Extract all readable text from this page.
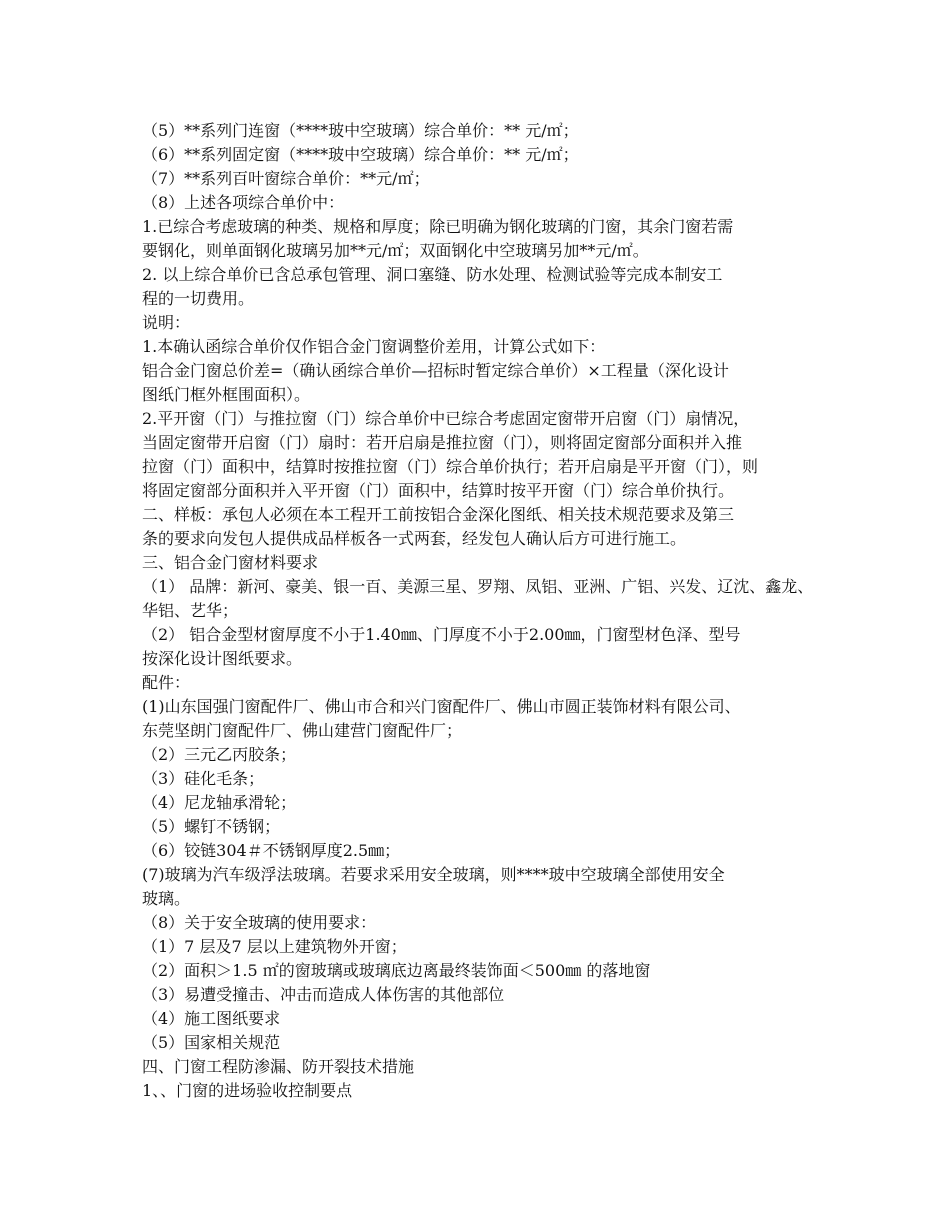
（5）**系列门连窗（****玻中空玻璃）综合单价：** 元/㎡；
（6）**系列固定窗（****玻中空玻璃）综合单价：** 元/㎡；
（7）**系列百叶窗综合单价：**元/㎡；
（8）上述各项综合单价中：
1.已综合考虑玻璃的种类、规格和厚度；除已明确为钢化玻璃的门窗，其余门窗若需
要钢化，则单面钢化玻璃另加**元/㎡；双面钢化中空玻璃另加**元/㎡。
2. 以上综合单价已含总承包管理、洞口塞缝、防水处理、检测试验等完成本制安工
程的一切费用。
说明：
1.本确认函综合单价仅作铝合金门窗调整价差用，计算公式如下：
铝合金门窗总价差=（确认函综合单价—招标时暂定综合单价）×工程量（深化设计
图纸门框外框围面积）。
2.平开窗（门）与推拉窗（门）综合单价中已综合考虑固定窗带开启窗（门）扇情况，
当固定窗带开启窗（门）扇时：若开启扇是推拉窗（门），则将固定窗部分面积并入推
拉窗（门）面积中，结算时按推拉窗（门）综合单价执行；若开启扇是平开窗（门），则
将固定窗部分面积并入平开窗（门）面积中，结算时按平开窗（门）综合单价执行。
二、样板：承包人必须在本工程开工前按铝合金深化图纸、相关技术规范要求及第三
条的要求向发包人提供成品样板各一式两套，经发包人确认后方可进行施工。
三、铝合金门窗材料要求
（1） 品牌：新河、豪美、银一百、美源三星、罗翔、凤铝、亚洲、广铝、兴发、辽沈、鑫龙、
华铝、艺华；
（2） 铝合金型材窗厚度不小于1.40㎜、门厚度不小于2.00㎜，门窗型材色泽、型号
按深化设计图纸要求。
配件：
(1)山东国强门窗配件厂、佛山市合和兴门窗配件厂、佛山市圆正装饰材料有限公司、
东莞坚朗门窗配件厂、佛山建营门窗配件厂；
（2）三元乙丙胶条；
（3）硅化毛条；
（4）尼龙轴承滑轮；
（5）螺钉不锈钢；
（6）铰链304＃不锈钢厚度2.5㎜；
(7)玻璃为汽车级浮法玻璃。若要求采用安全玻璃，则****玻中空玻璃全部使用安全
玻璃。
（8）关于安全玻璃的使用要求：
（1）7 层及7 层以上建筑物外开窗；
（2）面积＞1.5 ㎡的窗玻璃或玻璃底边离最终装饰面＜500㎜ 的落地窗
（3）易遭受撞击、冲击而造成人体伤害的其他部位
（4）施工图纸要求
（5）国家相关规范
四、门窗工程防渗漏、防开裂技术措施
1、、门窗的进场验收控制要点
